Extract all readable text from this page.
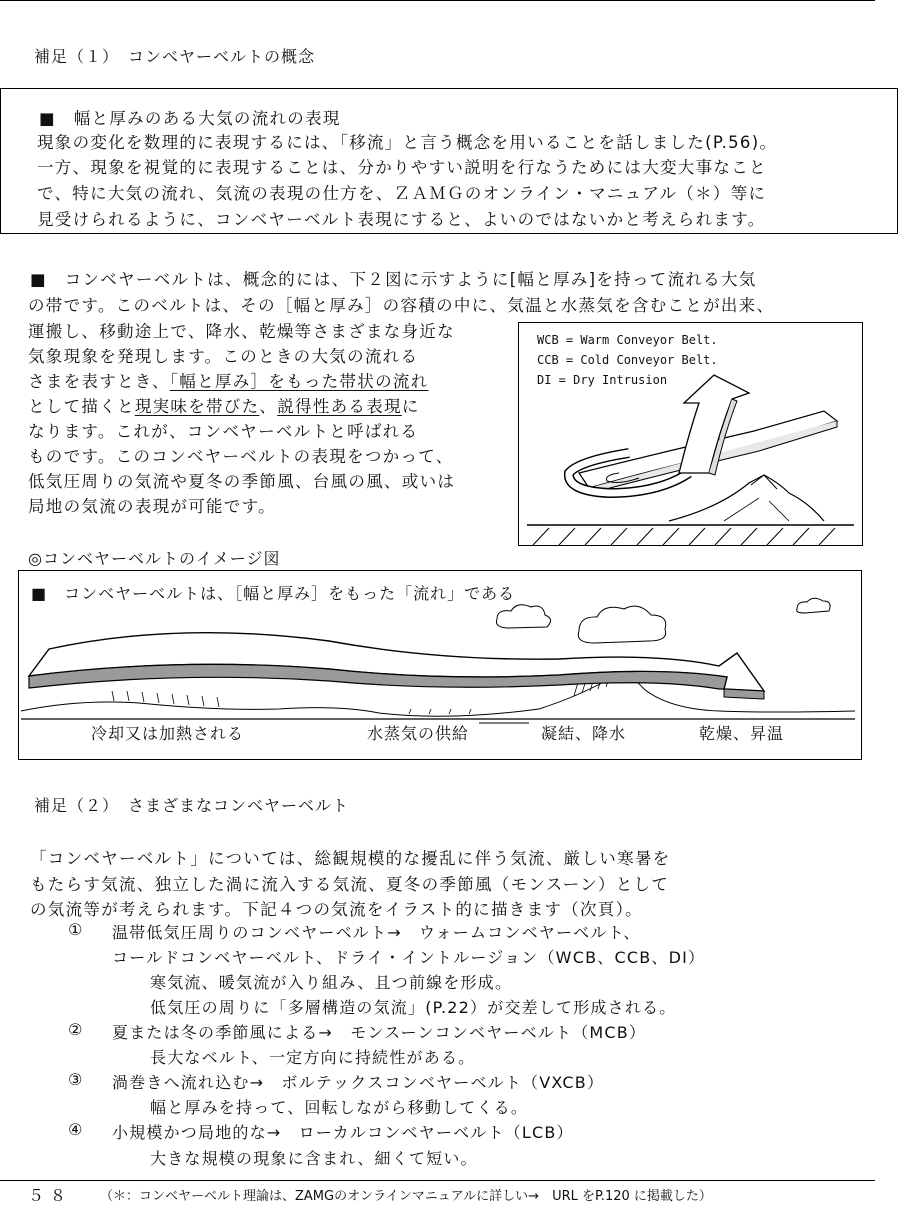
補足（１）　コンベヤーベルトの概念
■　幅と厚みのある大気の流れの表現
現象の変化を数理的に表現するには、「移流」と言う概念を用いることを話しました(P.56)。
一方、現象を視覚的に表現することは、分かりやすい説明を行なうためには大変大事なこと
で、特に大気の流れ、気流の表現の仕方を、ＺＡＭＧのオンライン・マニュアル（＊）等に
見受けられるように、コンベヤーベルト表現にすると、よいのではないかと考えられます。
■　コンベヤーベルトは、概念的には、下２図に示すように[幅と厚み]を持って流れる大気
の帯です。このベルトは、その［幅と厚み］の容積の中に、気温と水蒸気を含むことが出来、
運搬し、移動途上で、降水、乾燥等さまざまな身近な
気象現象を発現します。このときの大気の流れる
さまを表すとき、「幅と厚み］をもった帯状の流れ
として描くと現実味を帯びた、説得性ある表現に
なります。これが、コンベヤーベルトと呼ばれる
ものです。このコンベヤーベルトの表現をつかって、
低気圧周りの気流や夏冬の季節風、台風の風、或いは
局地の気流の表現が可能です。
WCB = Warm Conveyor Belt.
CCB = Cold Conveyor Belt.
DI = Dry Intrusion
◎コンベヤーベルトのイメージ図
■　コンベヤーベルトは、［幅と厚み］をもった「流れ」である
冷却又は加熱される	水蒸気の供給	凝結、降水	乾燥、昇温
補足（２）　さまざまなコンベヤーベルト
「コンベヤーベルト」については、総観規模的な擾乱に伴う気流、厳しい寒暑を
もたらす気流、独立した渦に流入する気流、夏冬の季節風（モンスーン）として
の気流等が考えられます。下記４つの気流をイラスト的に描きます（次頁）。
① 温帯低気圧周りのコンベヤーベルト→　ウォームコンベヤーベルト、
コールドコンベヤーベルト、ドライ・イントルージョン（WCB、CCB、DI）
寒気流、暖気流が入り組み、且つ前線を形成。
低気圧の周りに「多層構造の気流」(P.22）が交差して形成される。
② 夏または冬の季節風による→　モンスーンコンベヤーベルト（MCB）
長大なベルト、一定方向に持続性がある。
③ 渦巻きへ流れ込む→　ボルテックスコンベヤーベルト（VXCB）
幅と厚みを持って、回転しながら移動してくる。
④ 小規模かつ局地的な→　ローカルコンベヤーベルト（LCB）
大きな規模の現象に含まれ、細くて短い。
５８ （＊：コンベヤーベルト理論は、ZAMGのオンラインマニュアルに詳しい→　URL をP.120 に掲載した）
